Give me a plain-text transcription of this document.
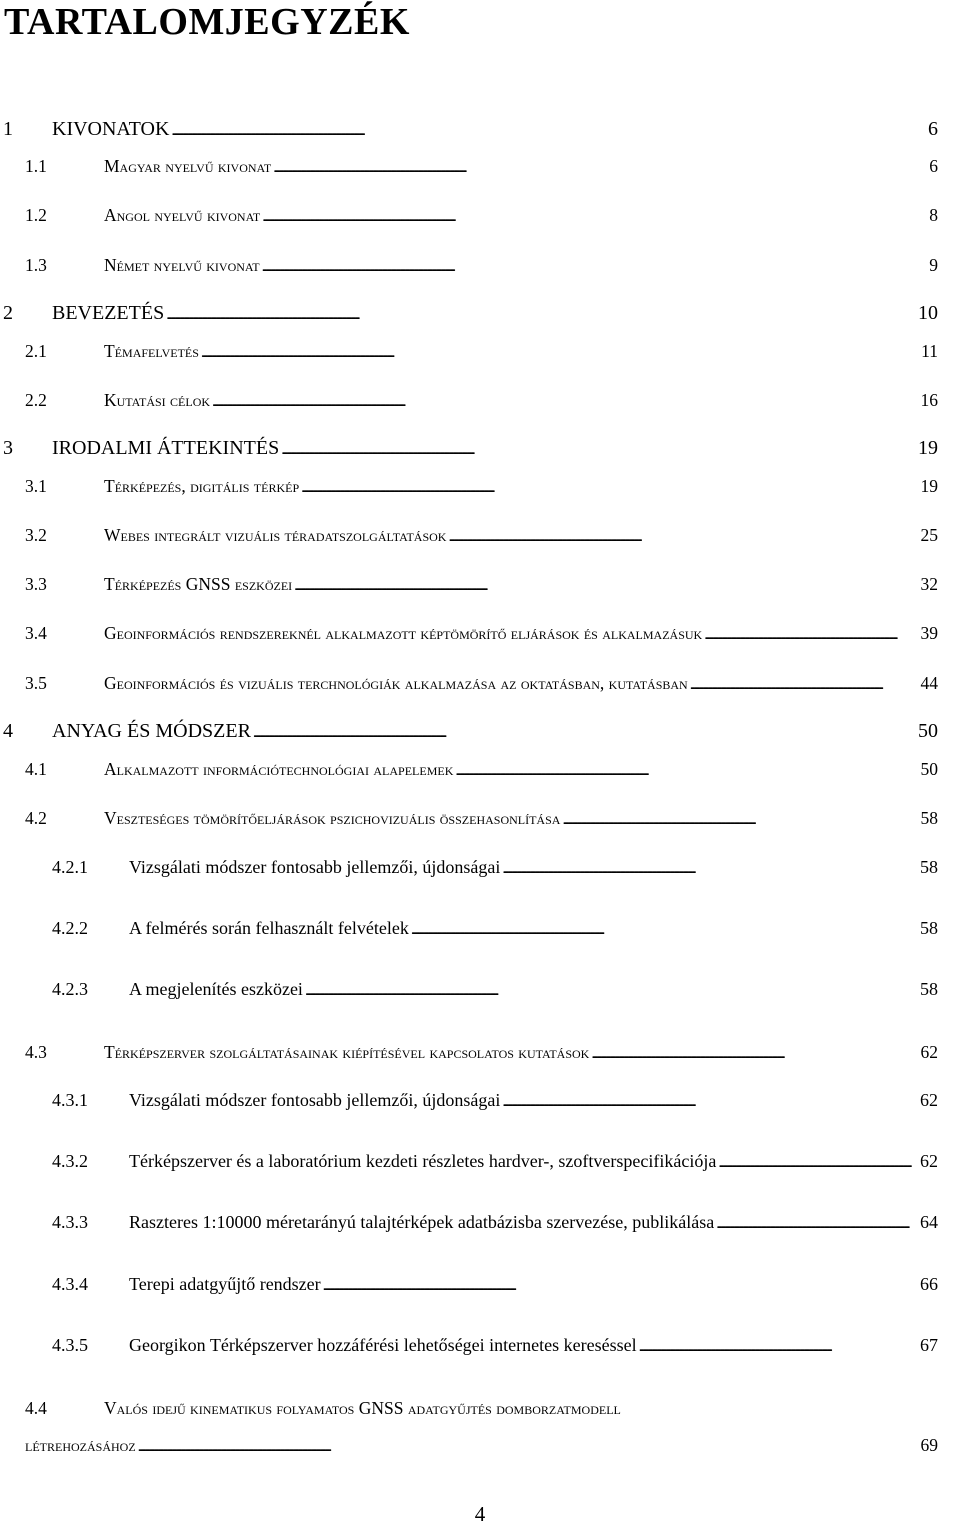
TARTALOMJEGYZÉK
1	KIVONATOK . . .	6
1.1	Magyar nyelvű kivonat . . .	6
1.2	Angol nyelvű kivonat . . .	8
1.3	Német nyelvű kivonat . . .	9
2	BEVEZETÉS . . .	10
2.1	Témafelvetés . . .	11
2.2	Kutatási célok . . .	16
3	IRODALMI ÁTTEKINTÉS . . .	19
3.1	Térképezés, digitális térkép . . .	19
3.2	Webes integrált vizuális téradatszolgáltatások . . .	25
3.3	Térképezés GNSS eszközei . . .	32
3.4	Geoinformációs rendszereknél alkalmazott képtömörítő eljárások és alkalmazásuk . . .	39
3.5	Geoinformációs és vizuális terchnológiák alkalmazása az oktatásban, kutatásban . . .	44
4	ANYAG ÉS MÓDSZER . . .	50
4.1	Alkalmazott információtechnológiai alapelemek . . .	50
4.2	Veszteséges tömörítőeljárások pszichovizuális összehasonlítása . . .	58
4.2.1	Vizsgálati módszer fontosabb jellemzői, újdonságai . . .	58
4.2.2	A felmérés során felhasznált felvételek . . .	58
4.2.3	A megjelenítés eszközei . . .	58
4.3	Térképszerver szolgáltatásainak kiépítésével kapcsolatos kutatások . . .	62
4.3.1	Vizsgálati módszer fontosabb jellemzői, újdonságai . . .	62
4.3.2	Térképszerver és a laboratórium kezdeti részletes hardver-, szoftverspecifikációja . . .	62
4.3.3	Raszteres 1:10000 méretarányú talajtérképek adatbázisba szervezése, publikálása . . .	64
4.3.4	Terepi adatgyűjtő rendszer . . .	66
4.3.5	Georgikon Térképszerver hozzáférési lehetőségei internetes kereséssel . . .	67
4.4	Valós idejű kinematikus folyamatos GNSS adatgyűjtés domborzatmodell
létrehozásához . . .	69
4
